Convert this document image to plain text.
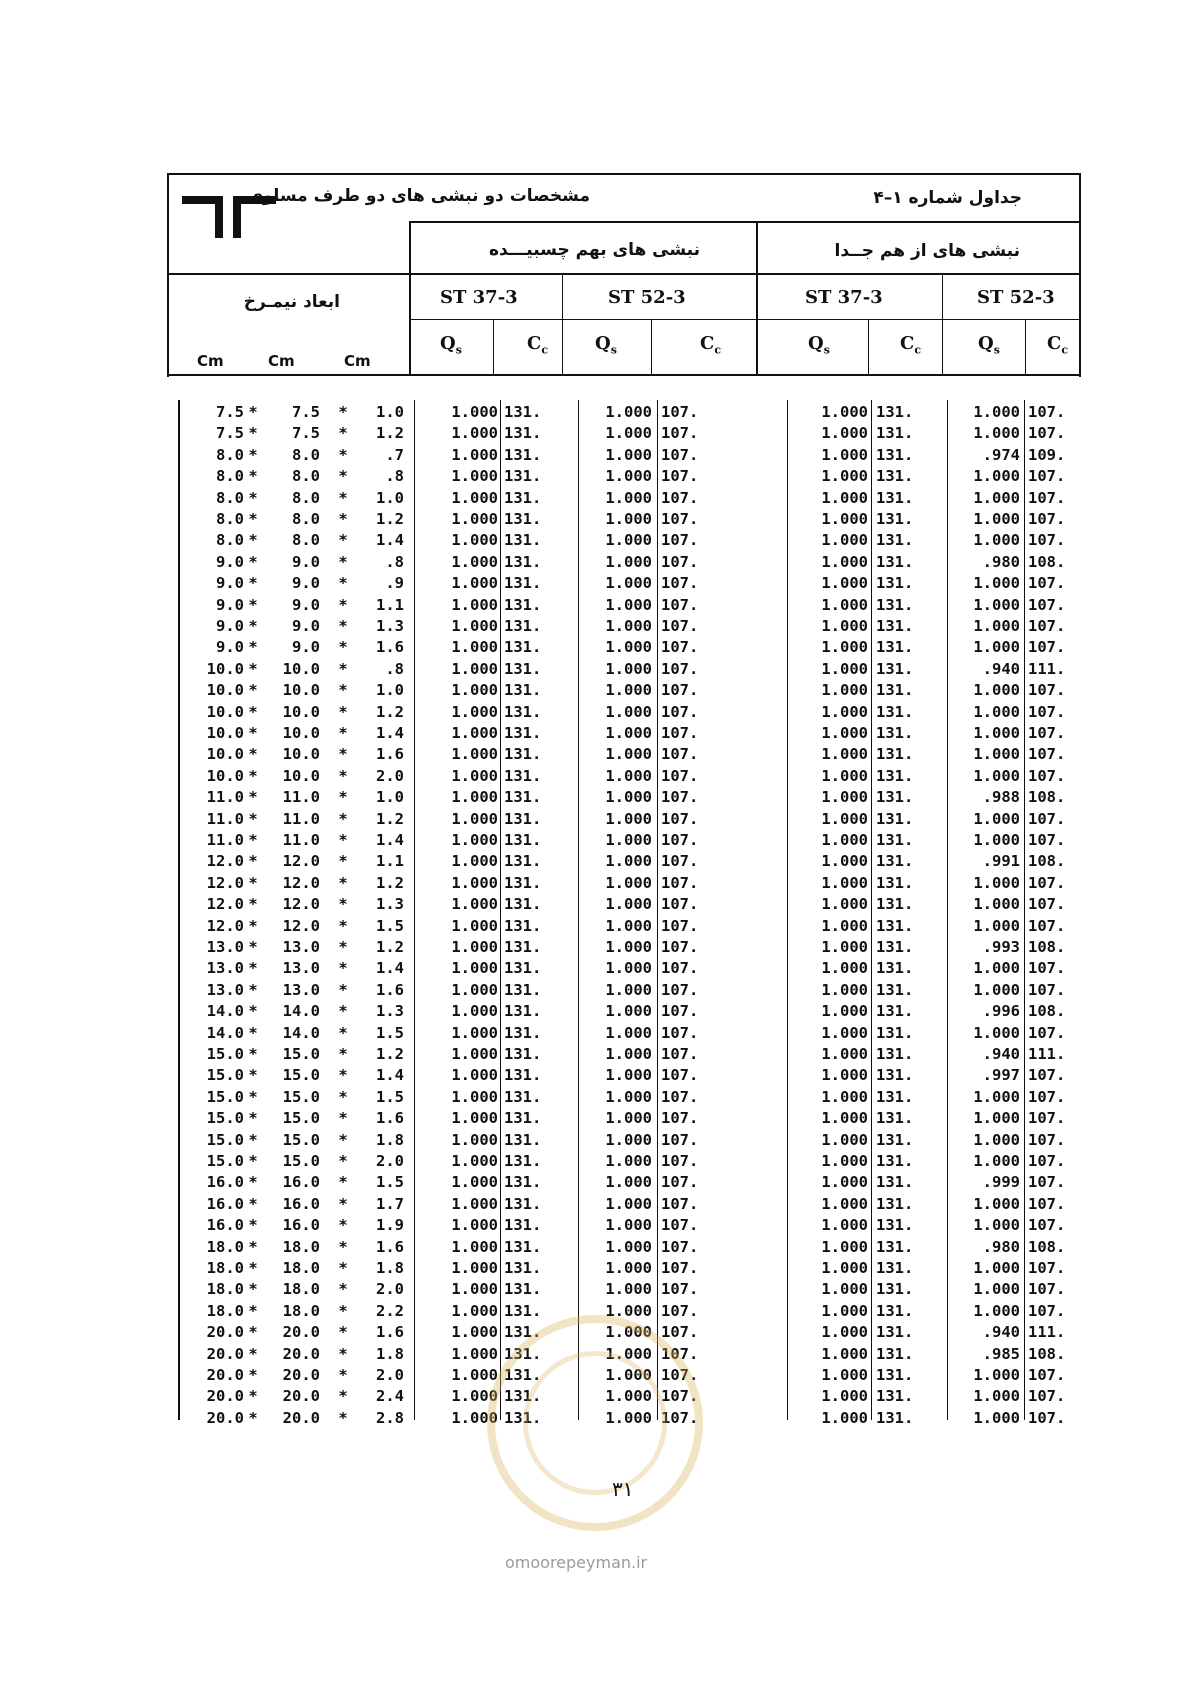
مشخصات دو نبشی های دو طرف مساوی	جداول شماره ۱–۴
نبشی های بهم چسبیـــده	نبشی های از هم جــدا
ابعاد نیمـرخ
Cm	Cm	Cm
ST 37-3	ST 52-3	ST 37-3	ST 52-3
$Q_s$	$C_c$	$Q_s$	$C_c$	$Q_s$	$C_c$	$Q_s$	$C_c$
7.5 *	7.5 *	1.0	1.000 131.	1.000 107.	1.000 131.	1.000 107.
7.5 *	7.5 *	1.2	1.000 131.	1.000 107.	1.000 131.	1.000 107.
8.0 *	8.0 *	.7	1.000 131.	1.000 107.	1.000 131.	.974 109.
8.0 *	8.0 *	.8	1.000 131.	1.000 107.	1.000 131.	1.000 107.
8.0 *	8.0 *	1.0	1.000 131.	1.000 107.	1.000 131.	1.000 107.
8.0 *	8.0 *	1.2	1.000 131.	1.000 107.	1.000 131.	1.000 107.
8.0 *	8.0 *	1.4	1.000 131.	1.000 107.	1.000 131.	1.000 107.
9.0 *	9.0 *	.8	1.000 131.	1.000 107.	1.000 131.	.980 108.
9.0 *	9.0 *	.9	1.000 131.	1.000 107.	1.000 131.	1.000 107.
9.0 *	9.0 *	1.1	1.000 131.	1.000 107.	1.000 131.	1.000 107.
9.0 *	9.0 *	1.3	1.000 131.	1.000 107.	1.000 131.	1.000 107.
9.0 *	9.0 *	1.6	1.000 131.	1.000 107.	1.000 131.	1.000 107.
10.0 *	10.0 *	.8	1.000 131.	1.000 107.	1.000 131.	.940 111.
10.0 *	10.0 *	1.0	1.000 131.	1.000 107.	1.000 131.	1.000 107.
10.0 *	10.0 *	1.2	1.000 131.	1.000 107.	1.000 131.	1.000 107.
10.0 *	10.0 *	1.4	1.000 131.	1.000 107.	1.000 131.	1.000 107.
10.0 *	10.0 *	1.6	1.000 131.	1.000 107.	1.000 131.	1.000 107.
10.0 *	10.0 *	2.0	1.000 131.	1.000 107.	1.000 131.	1.000 107.
11.0 *	11.0 *	1.0	1.000 131.	1.000 107.	1.000 131.	.988 108.
11.0 *	11.0 *	1.2	1.000 131.	1.000 107.	1.000 131.	1.000 107.
11.0 *	11.0 *	1.4	1.000 131.	1.000 107.	1.000 131.	1.000 107.
12.0 *	12.0 *	1.1	1.000 131.	1.000 107.	1.000 131.	.991 108.
12.0 *	12.0 *	1.2	1.000 131.	1.000 107.	1.000 131.	1.000 107.
12.0 *	12.0 *	1.3	1.000 131.	1.000 107.	1.000 131.	1.000 107.
12.0 *	12.0 *	1.5	1.000 131.	1.000 107.	1.000 131.	1.000 107.
13.0 *	13.0 *	1.2	1.000 131.	1.000 107.	1.000 131.	.993 108.
13.0 *	13.0 *	1.4	1.000 131.	1.000 107.	1.000 131.	1.000 107.
13.0 *	13.0 *	1.6	1.000 131.	1.000 107.	1.000 131.	1.000 107.
14.0 *	14.0 *	1.3	1.000 131.	1.000 107.	1.000 131.	.996 108.
14.0 *	14.0 *	1.5	1.000 131.	1.000 107.	1.000 131.	1.000 107.
15.0 *	15.0 *	1.2	1.000 131.	1.000 107.	1.000 131.	.940 111.
15.0 *	15.0 *	1.4	1.000 131.	1.000 107.	1.000 131.	.997 107.
15.0 *	15.0 *	1.5	1.000 131.	1.000 107.	1.000 131.	1.000 107.
15.0 *	15.0 *	1.6	1.000 131.	1.000 107.	1.000 131.	1.000 107.
15.0 *	15.0 *	1.8	1.000 131.	1.000 107.	1.000 131.	1.000 107.
15.0 *	15.0 *	2.0	1.000 131.	1.000 107.	1.000 131.	1.000 107.
16.0 *	16.0 *	1.5	1.000 131.	1.000 107.	1.000 131.	.999 107.
16.0 *	16.0 *	1.7	1.000 131.	1.000 107.	1.000 131.	1.000 107.
16.0 *	16.0 *	1.9	1.000 131.	1.000 107.	1.000 131.	1.000 107.
18.0 *	18.0 *	1.6	1.000 131.	1.000 107.	1.000 131.	.980 108.
18.0 *	18.0 *	1.8	1.000 131.	1.000 107.	1.000 131.	1.000 107.
18.0 *	18.0 *	2.0	1.000 131.	1.000 107.	1.000 131.	1.000 107.
18.0 *	18.0 *	2.2	1.000 131.	1.000 107.	1.000 131.	1.000 107.
20.0 *	20.0 *	1.6	1.000 131.	1.000 107.	1.000 131.	.940 111.
20.0 *	20.0 *	1.8	1.000 131.	1.000 107.	1.000 131.	.985 108.
20.0 *	20.0 *	2.0	1.000 131.	1.000 107.	1.000 131.	1.000 107.
20.0 *	20.0 *	2.4	1.000 131.	1.000 107.	1.000 131.	1.000 107.
20.0 *	20.0 *	2.8	1.000 131.	1.000 107.	1.000 131.	1.000 107.
omoorepeyman.ir
۳۱
